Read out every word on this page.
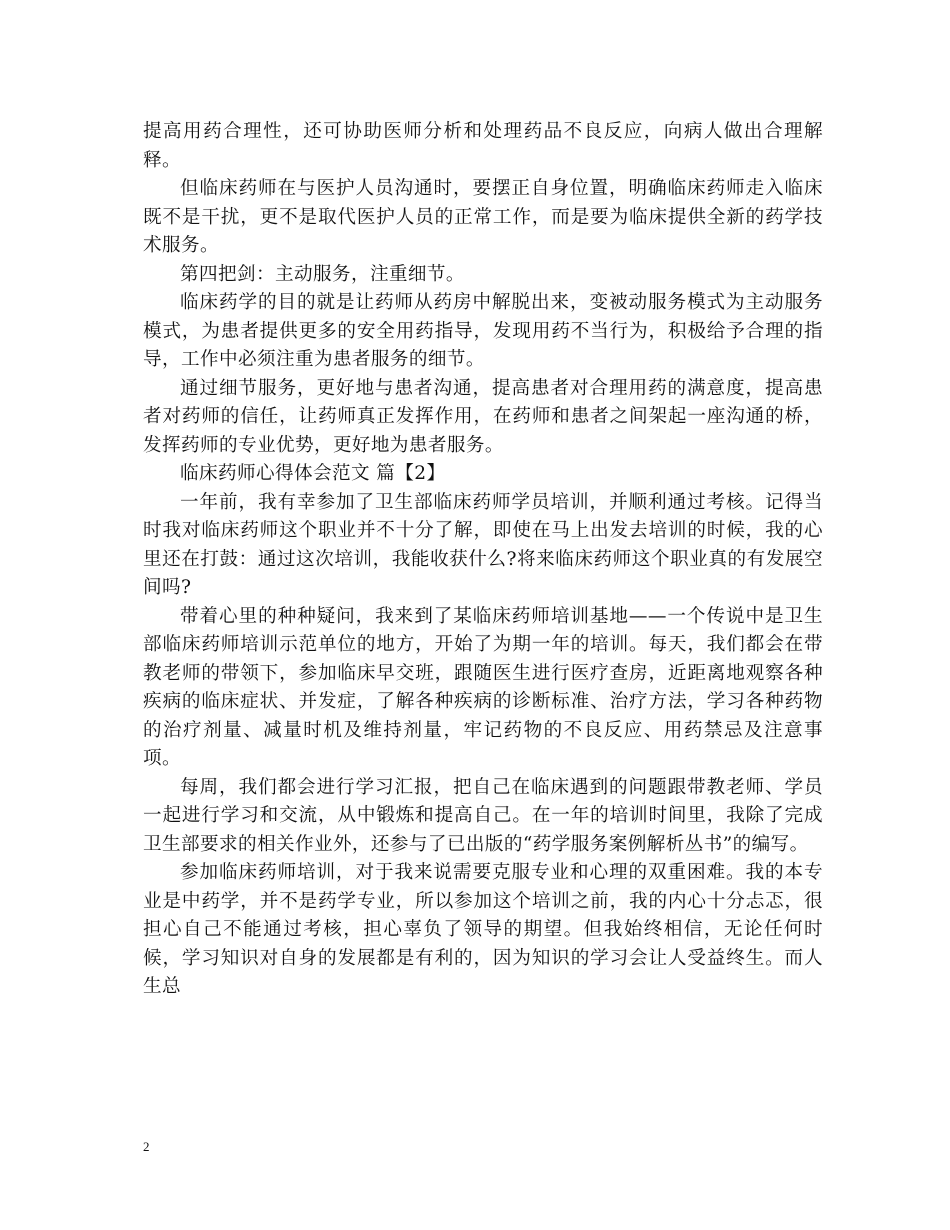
提高用药合理性，还可协助医师分析和处理药品不良反应，向病人做出合理解释。

但临床药师在与医护人员沟通时，要摆正自身位置，明确临床药师走入临床既不是干扰，更不是取代医护人员的正常工作，而是要为临床提供全新的药学技术服务。

第四把剑：主动服务，注重细节。

临床药学的目的就是让药师从药房中解脱出来，变被动服务模式为主动服务模式，为患者提供更多的安全用药指导，发现用药不当行为，积极给予合理的指导，工作中必须注重为患者服务的细节。

通过细节服务，更好地与患者沟通，提高患者对合理用药的满意度，提高患者对药师的信任，让药师真正发挥作用，在药师和患者之间架起一座沟通的桥，发挥药师的专业优势，更好地为患者服务。

临床药师心得体会范文 篇【2】

一年前，我有幸参加了卫生部临床药师学员培训，并顺利通过考核。记得当时我对临床药师这个职业并不十分了解，即使在马上出发去培训的时候，我的心里还在打鼓：通过这次培训，我能收获什么?将来临床药师这个职业真的有发展空间吗?

带着心里的种种疑问，我来到了某临床药师培训基地——一个传说中是卫生部临床药师培训示范单位的地方，开始了为期一年的培训。每天，我们都会在带教老师的带领下，参加临床早交班，跟随医生进行医疗查房，近距离地观察各种疾病的临床症状、并发症，了解各种疾病的诊断标准、治疗方法，学习各种药物的治疗剂量、减量时机及维持剂量，牢记药物的不良反应、用药禁忌及注意事项。

每周，我们都会进行学习汇报，把自己在临床遇到的问题跟带教老师、学员一起进行学习和交流，从中锻炼和提高自己。在一年的培训时间里，我除了完成卫生部要求的相关作业外，还参与了已出版的“药学服务案例解析丛书”的编写。

参加临床药师培训，对于我来说需要克服专业和心理的双重困难。我的本专业是中药学，并不是药学专业，所以参加这个培训之前，我的内心十分忐忑，很担心自己不能通过考核，担心辜负了领导的期望。但我始终相信，无论任何时候，学习知识对自身的发展都是有利的，因为知识的学习会让人受益终生。而人生总

2
